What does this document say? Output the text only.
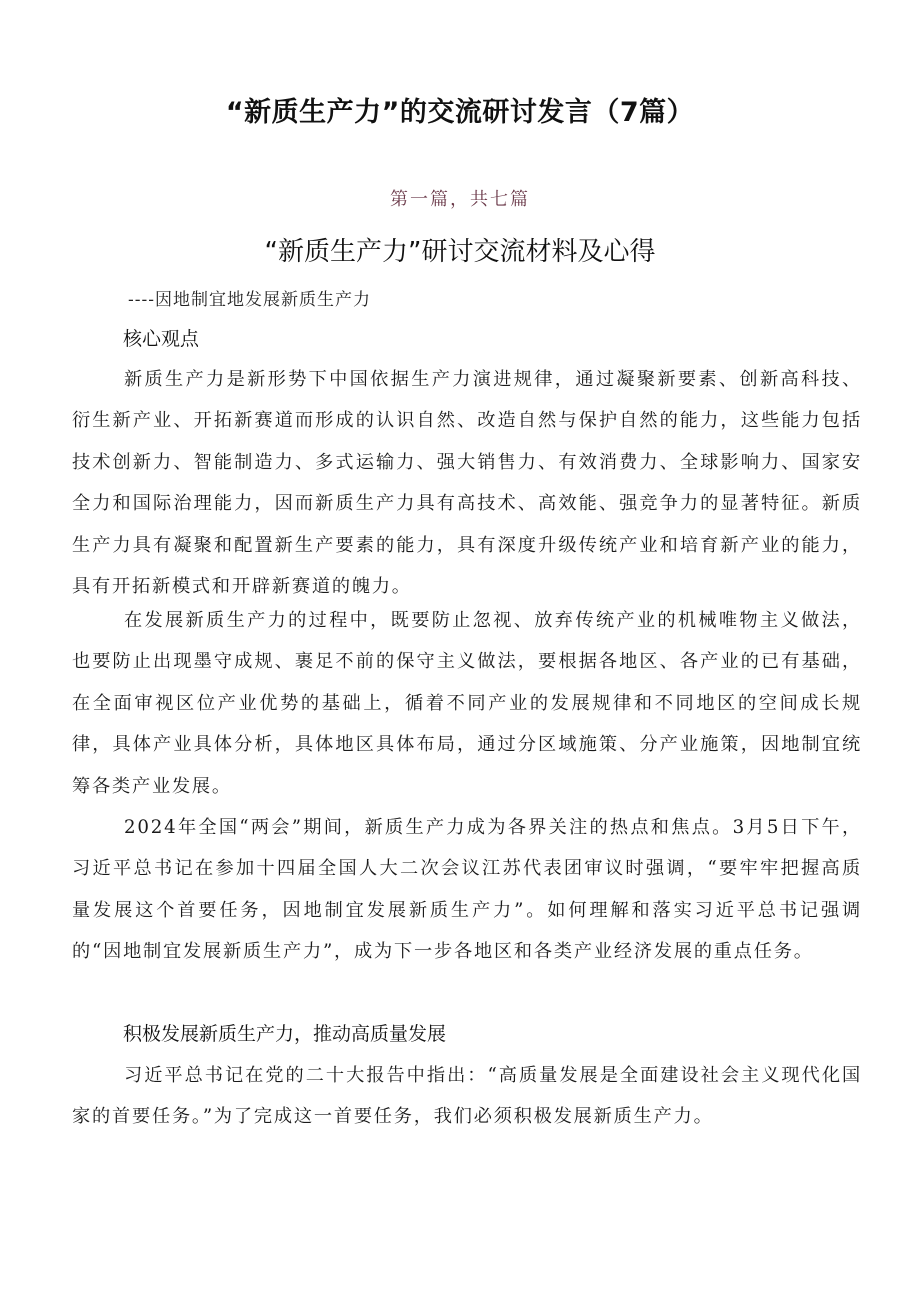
“新质生产力”的交流研讨发言（7篇）
第一篇，共七篇
“新质生产力”研讨交流材料及心得
----因地制宜地发展新质生产力
核心观点

新质生产力是新形势下中国依据生产力演进规律，通过凝聚新要素、创新高科技、衍生新产业、开拓新赛道而形成的认识自然、改造自然与保护自然的能力，这些能力包括技术创新力、智能制造力、多式运输力、强大销售力、有效消费力、全球影响力、国家安全力和国际治理能力，因而新质生产力具有高技术、高效能、强竞争力的显著特征。新质生产力具有凝聚和配置新生产要素的能力，具有深度升级传统产业和培育新产业的能力，具有开拓新模式和开辟新赛道的魄力。

在发展新质生产力的过程中，既要防止忽视、放弃传统产业的机械唯物主义做法，也要防止出现墨守成规、裹足不前的保守主义做法，要根据各地区、各产业的已有基础，在全面审视区位产业优势的基础上，循着不同产业的发展规律和不同地区的空间成长规律，具体产业具体分析，具体地区具体布局，通过分区域施策、分产业施策，因地制宜统筹各类产业发展。

2024年全国“两会”期间，新质生产力成为各界关注的热点和焦点。3月5日下午，习近平总书记在参加十四届全国人大二次会议江苏代表团审议时强调，“要牢牢把握高质量发展这个首要任务，因地制宜发展新质生产力”。如何理解和落实习近平总书记强调的“因地制宜发展新质生产力”，成为下一步各地区和各类产业经济发展的重点任务。

积极发展新质生产力，推动高质量发展

习近平总书记在党的二十大报告中指出：“高质量发展是全面建设社会主义现代化国家的首要任务。”为了完成这一首要任务，我们必须积极发展新质生产力。
